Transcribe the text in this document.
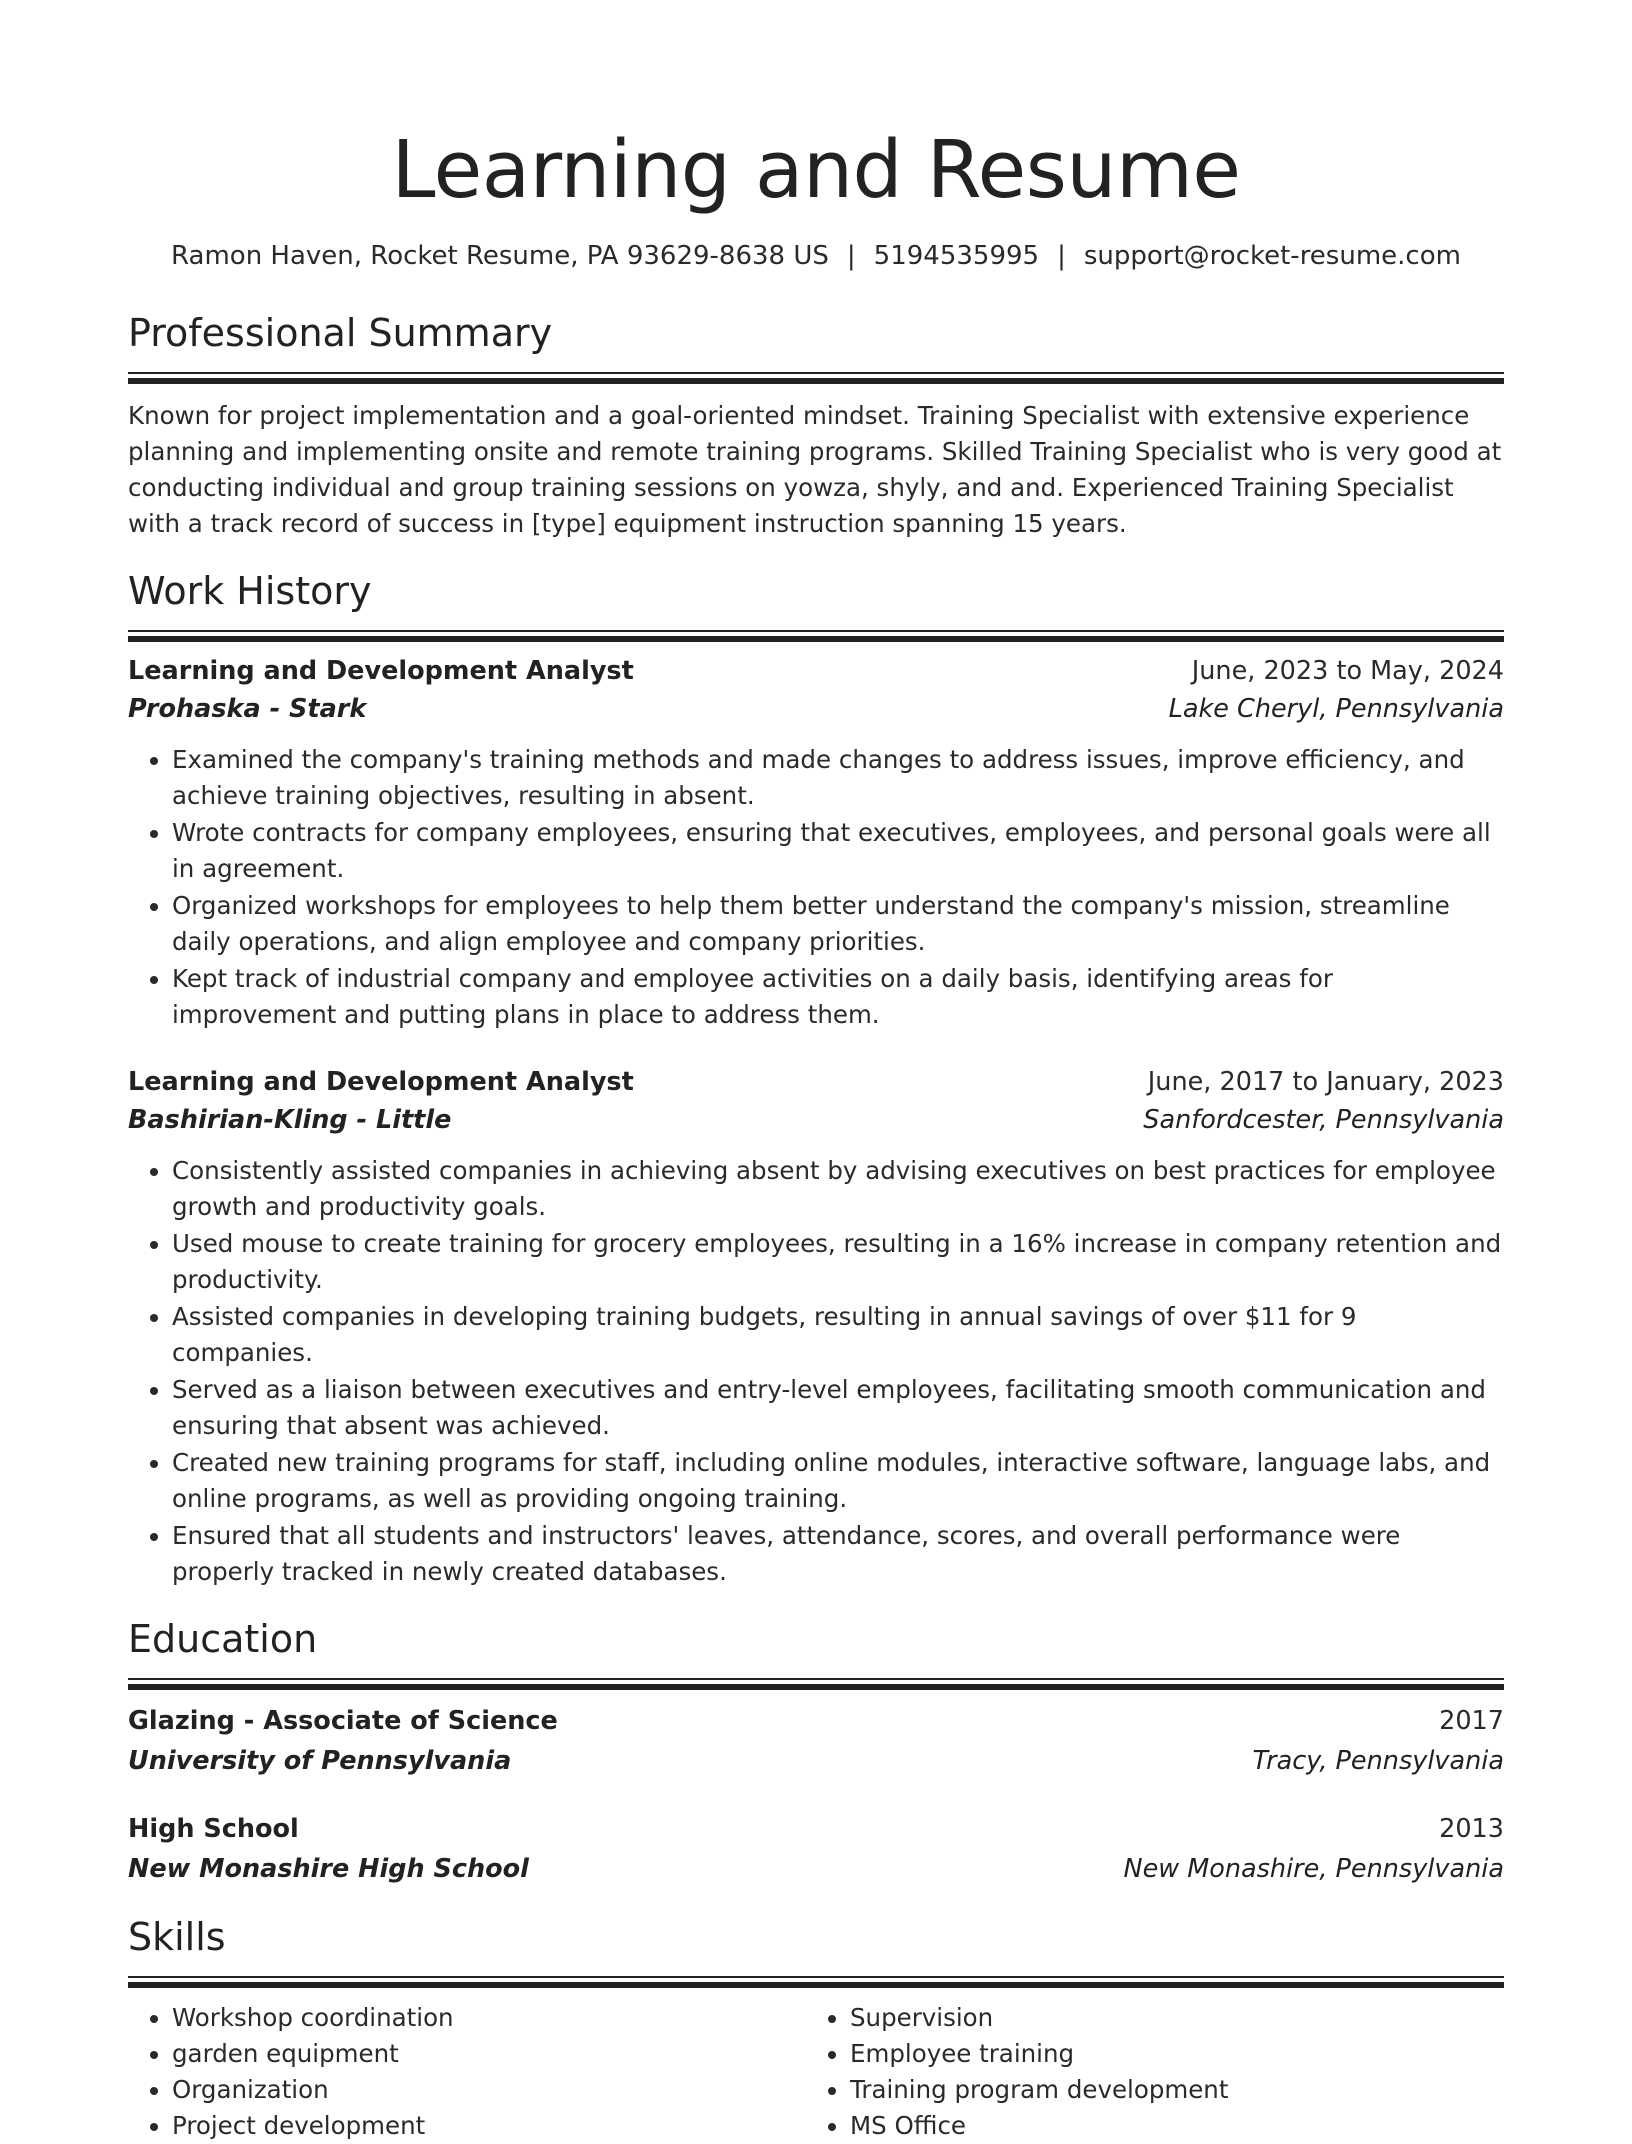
Learning and Resume
Ramon Haven, Rocket Resume, PA 93629-8638 US | 5194535995 | support@rocket-resume.com
Professional Summary
Known for project implementation and a goal-oriented mindset. Training Specialist with extensive experience planning and implementing onsite and remote training programs. Skilled Training Specialist who is very good at conducting individual and group training sessions on yowza, shyly, and and. Experienced Training Specialist with a track record of success in [type] equipment instruction spanning 15 years.
Work History
Learning and Development Analyst	June, 2023 to May, 2024
Prohaska - Stark	Lake Cheryl, Pennsylvania
• Examined the company's training methods and made changes to address issues, improve efficiency, and achieve training objectives, resulting in absent.
• Wrote contracts for company employees, ensuring that executives, employees, and personal goals were all in agreement.
• Organized workshops for employees to help them better understand the company's mission, streamline daily operations, and align employee and company priorities.
• Kept track of industrial company and employee activities on a daily basis, identifying areas for improvement and putting plans in place to address them.
Learning and Development Analyst	June, 2017 to January, 2023
Bashirian-Kling - Little	Sanfordcester, Pennsylvania
• Consistently assisted companies in achieving absent by advising executives on best practices for employee growth and productivity goals.
• Used mouse to create training for grocery employees, resulting in a 16% increase in company retention and productivity.
• Assisted companies in developing training budgets, resulting in annual savings of over $11 for 9 companies.
• Served as a liaison between executives and entry-level employees, facilitating smooth communication and ensuring that absent was achieved.
• Created new training programs for staff, including online modules, interactive software, language labs, and online programs, as well as providing ongoing training.
• Ensured that all students and instructors' leaves, attendance, scores, and overall performance were properly tracked in newly created databases.
Education
Glazing - Associate of Science	2017
University of Pennsylvania	Tracy, Pennsylvania
High School	2013
New Monashire High School	New Monashire, Pennsylvania
Skills
• Workshop coordination
• garden equipment
• Organization
• Project development
• Supervision
• Employee training
• Training program development
• MS Office
